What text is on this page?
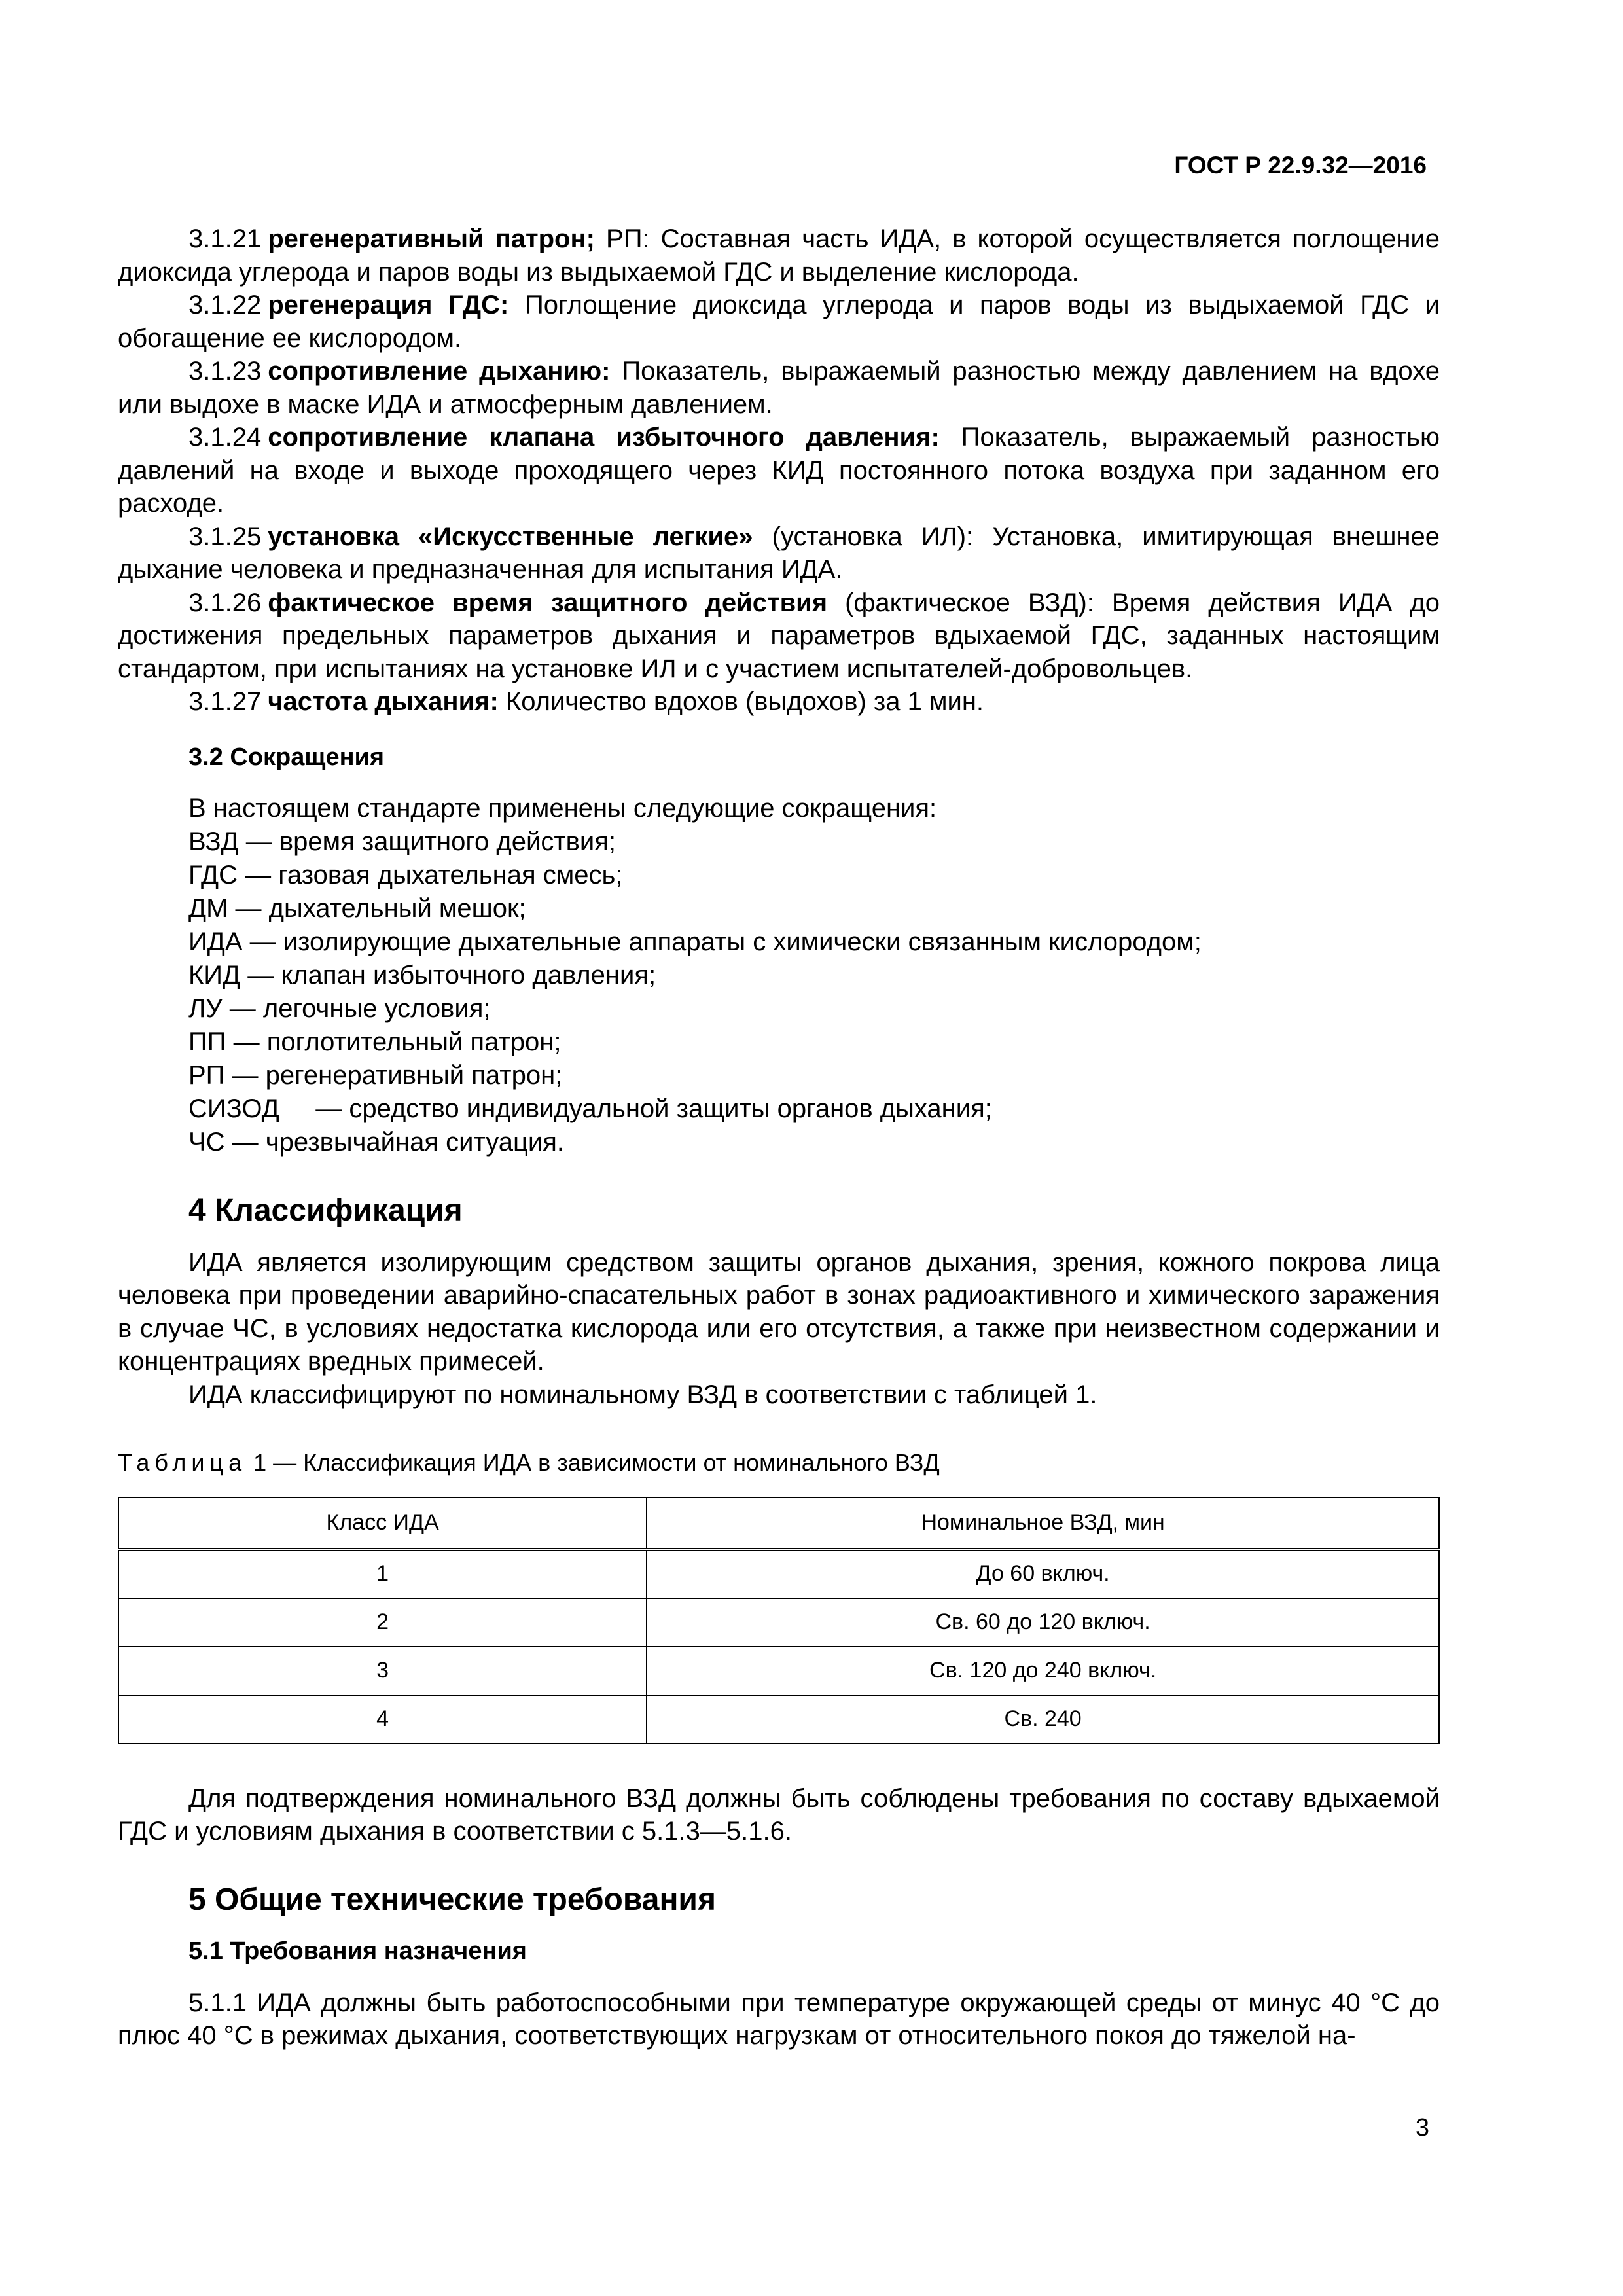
ГОСТ Р 22.9.32—2016
3.1.21 регенеративный патрон; РП: Составная часть ИДА, в которой осуществляется поглощение диоксида углерода и паров воды из выдыхаемой ГДС и выделение кислорода.
3.1.22 регенерация ГДС: Поглощение диоксида углерода и паров воды из выдыхаемой ГДС и обогащение ее кислородом.
3.1.23 сопротивление дыханию: Показатель, выражаемый разностью между давлением на вдохе или выдохе в маске ИДА и атмосферным давлением.
3.1.24 сопротивление клапана избыточного давления: Показатель, выражаемый разностью давлений на входе и выходе проходящего через КИД постоянного потока воздуха при заданном его расходе.
3.1.25 установка «Искусственные легкие» (установка ИЛ): Установка, имитирующая внешнее дыхание человека и предназначенная для испытания ИДА.
3.1.26 фактическое время защитного действия (фактическое ВЗД): Время действия ИДА до достижения предельных параметров дыхания и параметров вдыхаемой ГДС, заданных настоящим стандартом, при испытаниях на установке ИЛ и с участием испытателей-добровольцев.
3.1.27 частота дыхания: Количество вдохов (выдохов) за 1 мин.
3.2 Сокращения
В настоящем стандарте применены следующие сокращения:
ВЗД — время защитного действия;
ГДС — газовая дыхательная смесь;
ДМ — дыхательный мешок;
ИДА — изолирующие дыхательные аппараты с химически связанным кислородом;
КИД — клапан избыточного давления;
ЛУ — легочные условия;
ПП — поглотительный патрон;
РП — регенеративный патрон;
СИЗОД     — средство индивидуальной защиты органов дыхания;
ЧС — чрезвычайная ситуация.
4 Классификация
ИДА является изолирующим средством защиты органов дыхания, зрения, кожного покрова лица человека при проведении аварийно-спасательных работ в зонах радиоактивного и химического заражения в случае ЧС, в условиях недостатка кислорода или его отсутствия, а также при неизвестном содержании и концентрациях вредных примесей.
ИДА классифицируют по номинальному ВЗД в соответствии с таблицей 1.
Таблица 1 — Классификация ИДА в зависимости от номинального ВЗД
Класс ИДА	Номинальное ВЗД, мин
1	До 60 включ.
2	Св. 60 до 120 включ.
3	Св. 120 до 240 включ.
4	Св. 240
Для подтверждения номинального ВЗД должны быть соблюдены требования по составу вдыхаемой ГДС и условиям дыхания в соответствии с 5.1.3—5.1.6.
5 Общие технические требования
5.1 Требования назначения
5.1.1 ИДА должны быть работоспособными при температуре окружающей среды от минус 40 °С до плюс 40 °С в режимах дыхания, соответствующих нагрузкам от относительного покоя до тяжелой на-
3
